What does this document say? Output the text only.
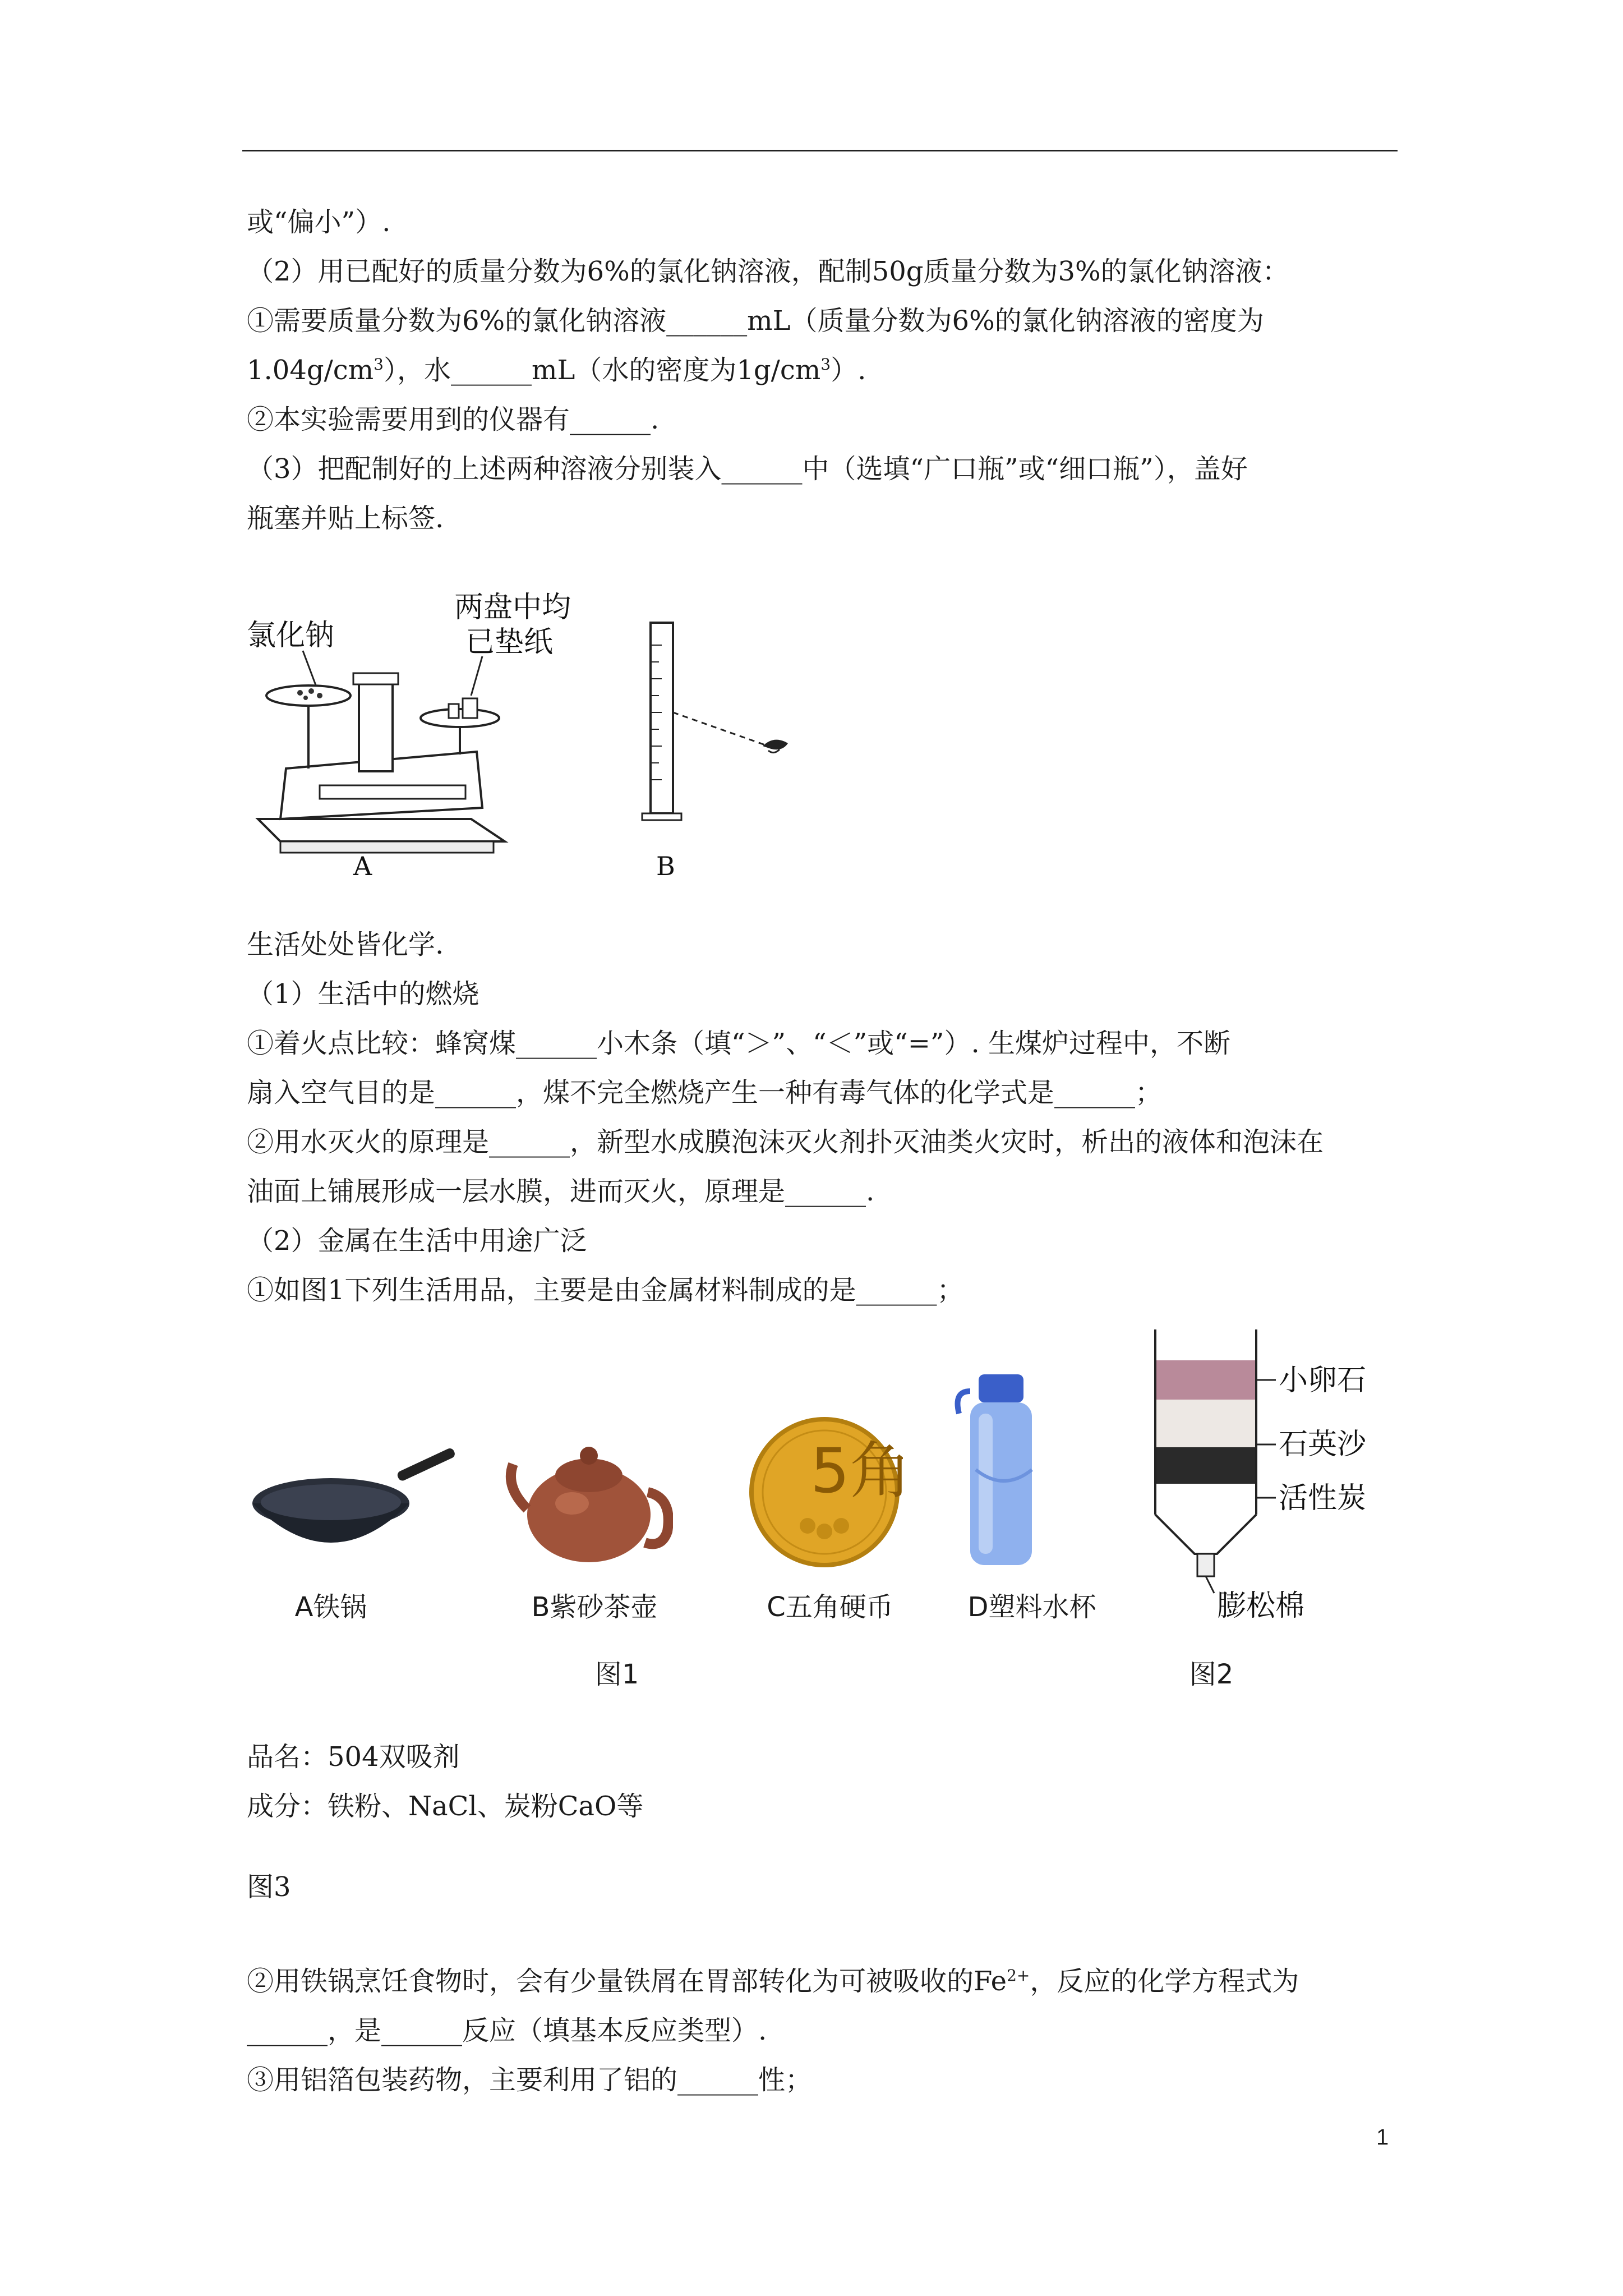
或“偏小”）.
（2）用已配好的质量分数为6%的氯化钠溶液，配制50g质量分数为3%的氯化钠溶液：
①需要质量分数为6%的氯化钠溶液______mL（质量分数为6%的氯化钠溶液的密度为
$1.04g/cm^3$），水______mL（水的密度为$1g/cm^3$）.
②本实验需要用到的仪器有______.
（3）把配制好的上述两种溶液分别装入______中（选填“广口瓶”或“细口瓶”），盖好
瓶塞并贴上标签.
氯化钠
两盘中均
已垫纸
A	B
生活处处皆化学.
（1）生活中的燃烧
①着火点比较：蜂窝煤______小木条（填“＞”、“＜”或“=”）. 生煤炉过程中，不断
扇入空气目的是______，煤不完全燃烧产生一种有毒气体的化学式是______；
②用水灭火的原理是______，新型水成膜泡沫灭火剂扑灭油类火灾时，析出的液体和泡沫在
油面上铺展形成一层水膜，进而灭火，原理是______.
（2）金属在生活中用途广泛
①如图1下列生活用品，主要是由金属材料制成的是______；
5角
A铁锅	B紫砂茶壶	C五角硬币	D塑料水杯
图1
小卵石
石英沙
活性炭
膨松棉
图2
品名：504双吸剂
成分：铁粉、NaCl、炭粉CaO等
图3
②用铁锅烹饪食物时，会有少量铁屑在胃部转化为可被吸收的$Fe^{2+}$，反应的化学方程式为
______，是______反应（填基本反应类型）.
③用铝箔包装药物，主要利用了铝的______性；
1
